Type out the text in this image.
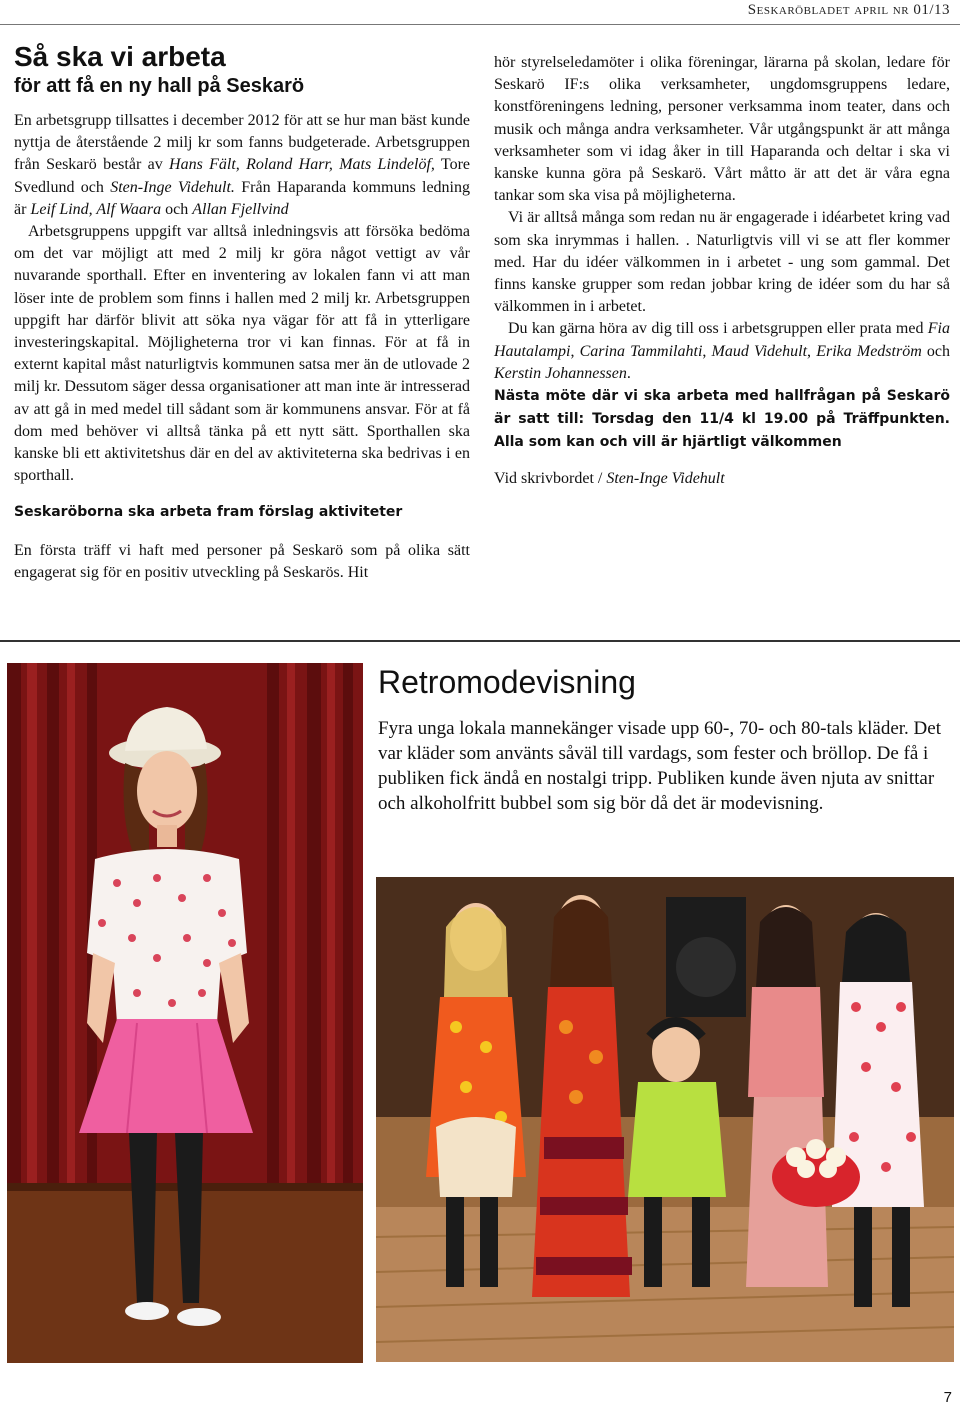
Seskaröbladet april nr 01/13
Så ska vi arbeta
för att få en ny hall på Seskarö

En arbetsgrupp tillsattes i december 2012 för att se hur man bäst kunde nyttja de återstående 2 milj kr som fanns budgeterade. Arbetsgruppen från Seskarö består av Hans Fält, Roland Harr, Mats Lindelöf, Tore Svedlund och Sten-Inge Videhult. Från Haparanda kommuns ledning är Leif Lind, Alf Waara och Allan Fjellvind

Arbetsgruppens uppgift var alltså inledningsvis att försöka bedöma om det var möjligt att med 2 milj kr göra något vettigt av vår nuvarande sporthall. Efter en inventering av lokalen fann vi att man löser inte de problem som finns i hallen med 2 milj kr. Arbetsgruppen uppgift har därför blivit att söka nya vägar för att få in ytterligare investeringskapital. Möjligheterna tror vi kan finnas. För at få in externt kapital måst naturligtvis kommunen satsa mer än de utlovade 2 milj kr. Dessutom säger dessa organisationer att man inte är intresserad av att gå in med medel till sådant som är kommunens ansvar. För at få dom med behöver vi alltså tänka på ett nytt sätt. Sporthallen ska kanske bli ett aktivitetshus där en del av aktiviteterna ska bedrivas i en sporthall.

Seskaröborna ska arbeta fram förslag aktiviteter

En första träff vi haft med personer på Seskarö som på olika sätt engagerat sig för en positiv utveckling på Seskarös. Hit

hör styrelseledamöter i olika föreningar, lärarna på skolan, ledare för Seskarö IF:s olika verksamheter, ungdomsgruppens ledare, konstföreningens ledning, personer verksamma inom teater, dans och musik och många andra verksamheter. Vår utgångspunkt är att många verksamheter som vi idag åker in till Haparanda och deltar i ska vi kanske kunna göra på Seskarö. Vårt måtto är att det är våra egna tankar som ska visa på möjligheterna.

Vi är alltså många som redan nu är engagerade i idéarbetet kring vad som ska inrymmas i hallen. . Naturligtvis vill vi se att fler kommer med. Har du idéer välkommen in i arbetet - ung som gammal. Det finns kanske grupper som redan jobbar kring de idéer som du har så välkommen in i arbetet.

Du kan gärna höra av dig till oss i arbetsgruppen eller prata med Fia Hautalampi, Carina Tammilahti, Maud Videhult, Erika Medström och Kerstin Johannessen.

Nästa möte där vi ska arbeta med hallfrågan på Seskarö är satt till: Torsdag den 11/4 kl 19.00 på Träffpunkten. Alla som kan och vill är hjärtligt välkommen

Vid skrivbordet / Sten-Inge Videhult

Retromodevisning

Fyra unga lokala mannekänger visade upp 60-, 70- och 80-tals kläder. Det var kläder som använts såväl till vardags, som fester och bröllop. De få i publiken fick ändå en nostalgi tripp. Publiken kunde även njuta av snittar och alkoholfritt bubbel som sig bör då det är modevisning.

7
